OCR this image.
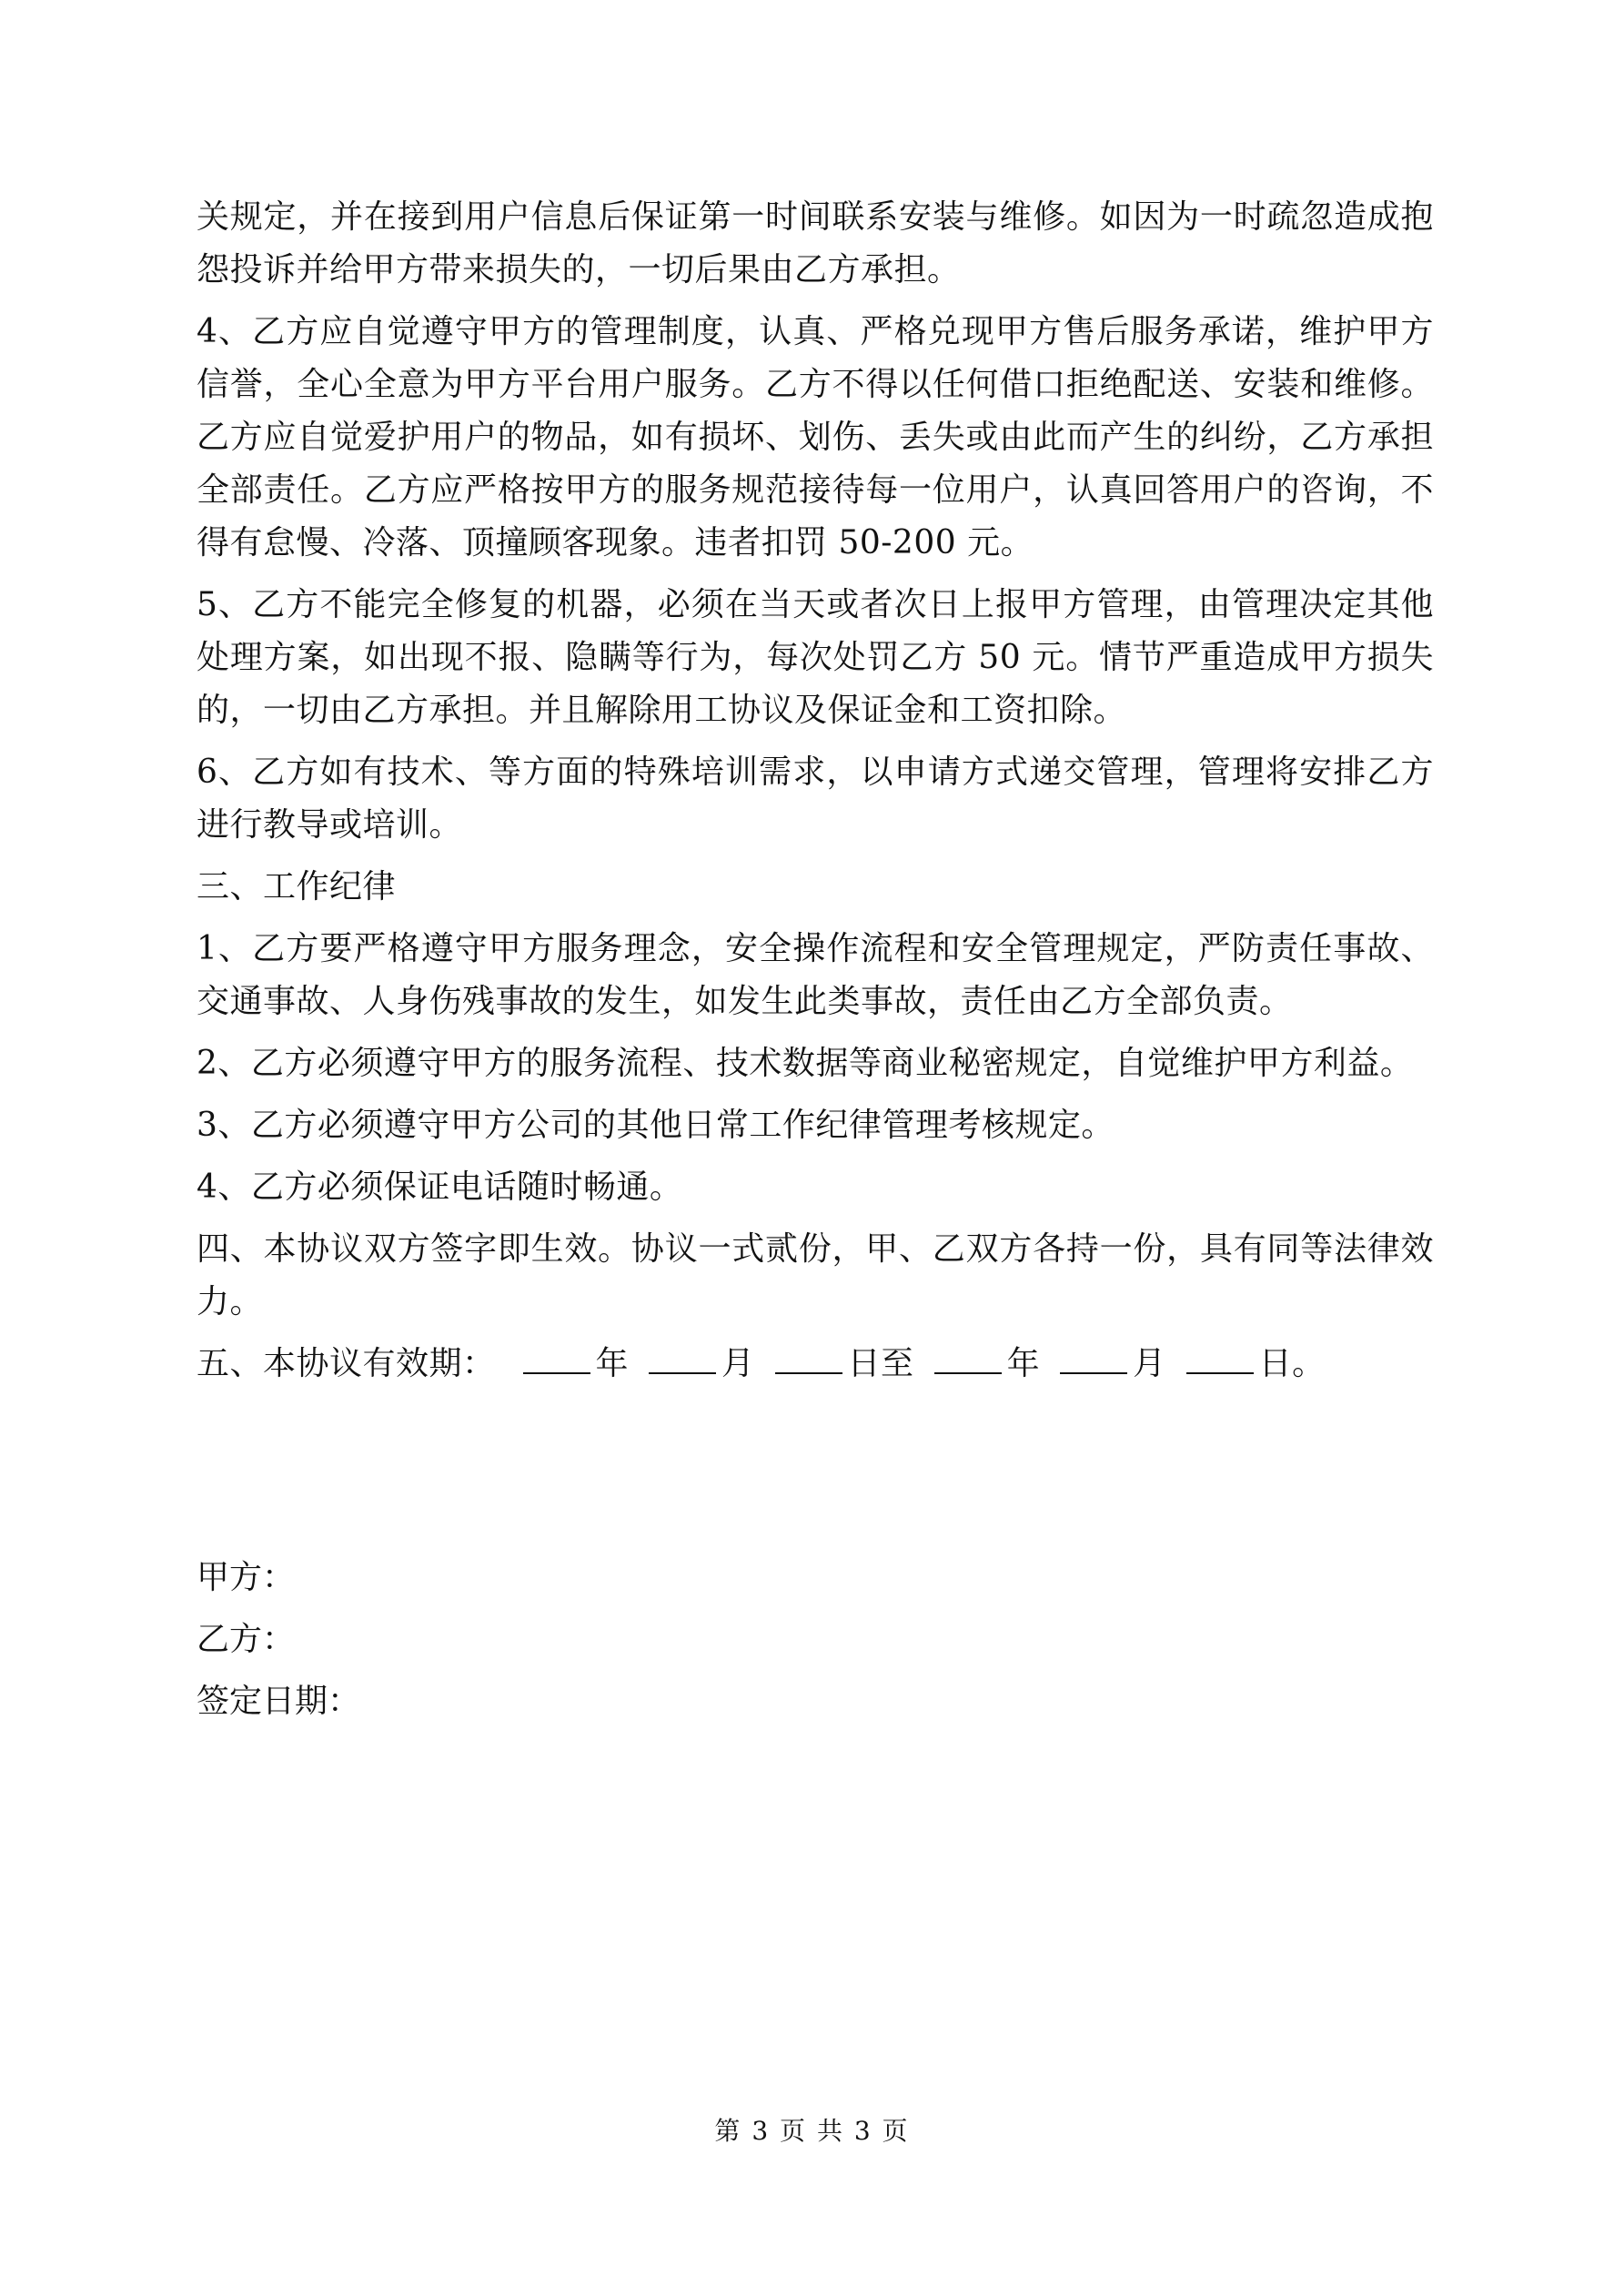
关规定，并在接到用户信息后保证第一时间联系安装与维修。如因为一时疏忽造成抱怨投诉并给甲方带来损失的，一切后果由乙方承担。

4、乙方应自觉遵守甲方的管理制度，认真、严格兑现甲方售后服务承诺，维护甲方信誉，全心全意为甲方平台用户服务。乙方不得以任何借口拒绝配送、安装和维修。乙方应自觉爱护用户的物品，如有损坏、划伤、丢失或由此而产生的纠纷，乙方承担全部责任。乙方应严格按甲方的服务规范接待每一位用户，认真回答用户的咨询，不得有怠慢、冷落、顶撞顾客现象。违者扣罚 50-200 元。

5、乙方不能完全修复的机器，必须在当天或者次日上报甲方管理，由管理决定其他处理方案，如出现不报、隐瞒等行为，每次处罚乙方 50 元。情节严重造成甲方损失的，一切由乙方承担。并且解除用工协议及保证金和工资扣除。

6、乙方如有技术、等方面的特殊培训需求，以申请方式递交管理，管理将安排乙方进行教导或培训。

三、工作纪律

1、乙方要严格遵守甲方服务理念，安全操作流程和安全管理规定，严防责任事故、交通事故、人身伤残事故的发生，如发生此类事故，责任由乙方全部负责。

2、乙方必须遵守甲方的服务流程、技术数据等商业秘密规定，自觉维护甲方利益。

3、乙方必须遵守甲方公司的其他日常工作纪律管理考核规定。

4、乙方必须保证电话随时畅通。

四、本协议双方签字即生效。协议一式贰份，甲、乙双方各持一份，具有同等法律效力。

五、本协议有效期：	年	月	日至	年	月	日。

甲方：
乙方：
签定日期：
第 3 页 共 3 页
